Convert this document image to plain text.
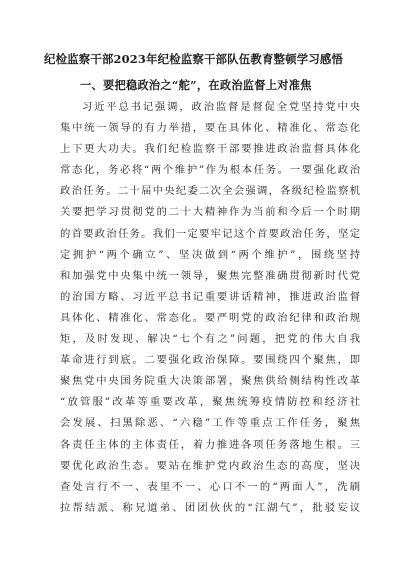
纪检监察干部2023年纪检监察干部队伍教育整顿学习感悟
一、要把稳政治之“舵”，在政治监督上对准焦
习近平总书记强调，政治监督是督促全党坚持党中央
集中统一领导的有力举措，要在具体化、精准化、常态化
上下更大功夫。我们纪检监察干部要推进政治监督具体化
常态化，务必将“两个维护”作为根本任务。一要强化政治
政治任务。二十届中央纪委二次全会强调，各级纪检监察机
关要把学习贯彻党的二十大精神作为当前和今后一个时期
的首要政治任务。我们一定要牢记这个首要政治任务，坚定
定拥护“两个确立”、坚决做到“两个维护”，围绕坚持
和加强党中央集中统一领导，聚焦完整准确贯彻新时代党
的治国方略、习近平总书记重要讲话精神，推进政治监督
具体化、精准化、常态化。要严明党的政治纪律和政治规
矩，及时发现、解决“七个有之”问题，把党的伟大自我
革命进行到底。二要强化政治保障。要围绕四个聚焦，即
聚焦党中央国务院重大决策部署，聚焦供给侧结构性改革
“放管服”改革等重要改革，聚焦统筹疫情防控和经济社
会发展、扫黑除恶、“六稳”工作等重点工作任务，聚焦
各责任主体的主体责任，着力推进各项任务落地生根。三
要优化政治生态。要站在维护党内政治生态的高度，坚决
查处言行不一、表里不一、心口不一的“两面人”，洗刷
拉帮结派、称兄道弟、团团伙伙的“江湖气”，批驳妄议
